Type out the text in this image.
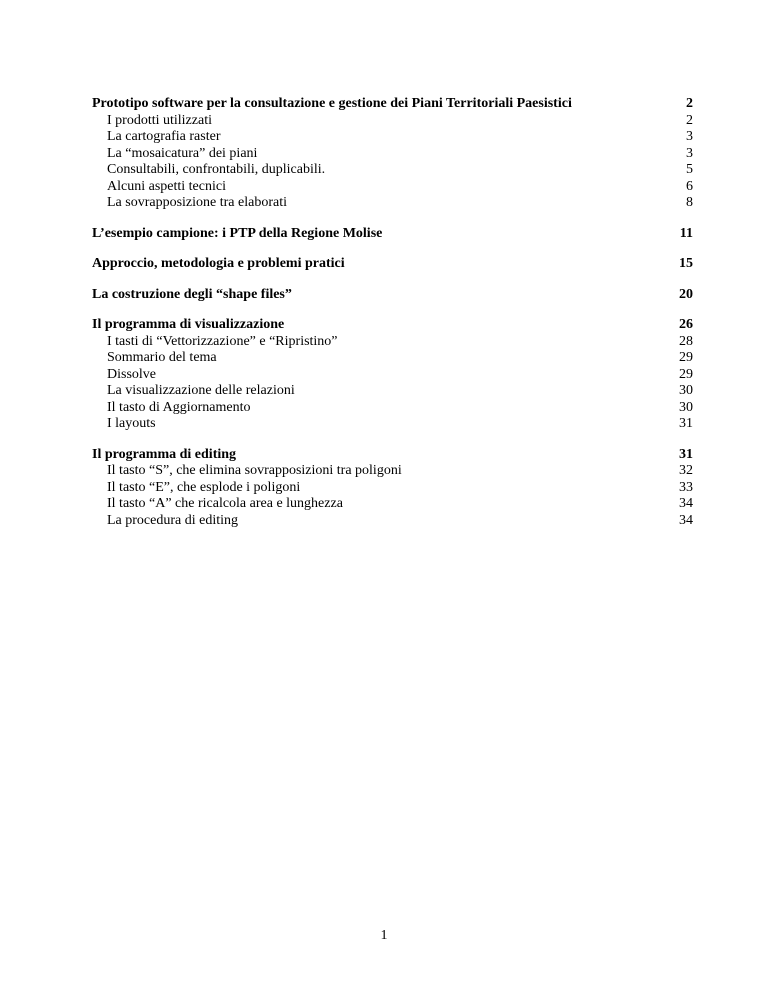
Prototipo software per la consultazione e gestione dei Piani Territoriali Paesistici	2
I prodotti utilizzati	2
La cartografia raster	3
La “mosaicatura” dei piani	3
Consultabili, confrontabili, duplicabili.	5
Alcuni aspetti tecnici	6
La sovrapposizione tra elaborati	8
L’esempio campione: i PTP della Regione Molise	11
Approccio, metodologia e problemi pratici	15
La costruzione degli “shape files”	20
Il programma di visualizzazione	26
I tasti di “Vettorizzazione” e “Ripristino”	28
Sommario del tema	29
Dissolve	29
La visualizzazione delle relazioni	30
Il tasto di Aggiornamento	30
I layouts	31
Il programma di editing	31
Il tasto “S”, che elimina sovrapposizioni tra poligoni	32
Il tasto “E”, che esplode i poligoni	33
Il tasto “A” che ricalcola area e lunghezza	34
La procedura di editing	34
1
